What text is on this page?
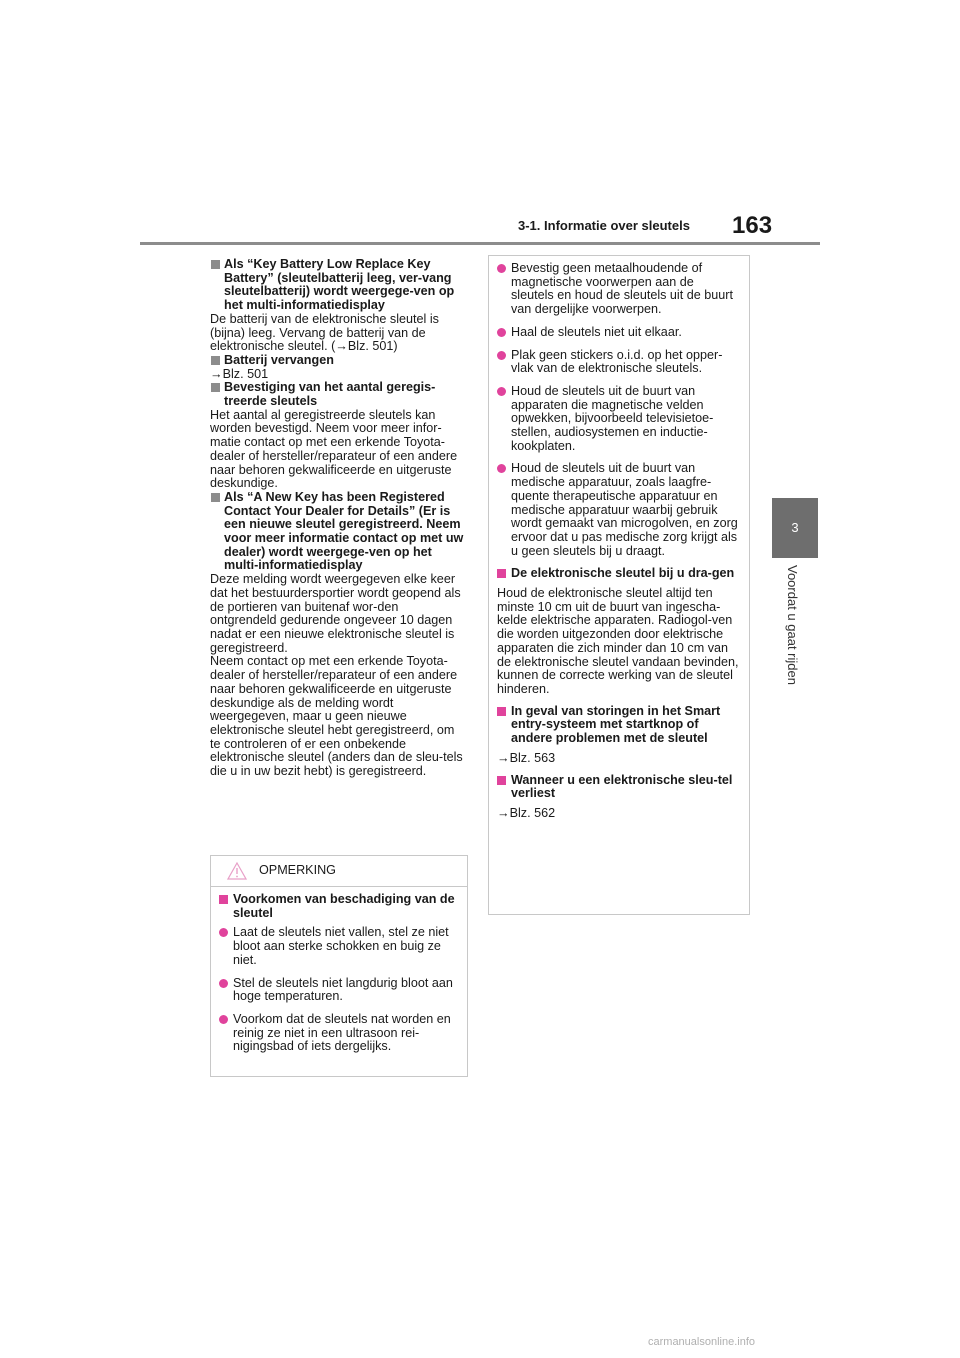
3-1. Informatie over sleutels 163
3
Voordat u gaat rijden

Als “Key Battery Low Replace Key Battery” (sleutelbatterij leeg, ver-vang sleutelbatterij) wordt weergege-ven op het multi-informatiedisplay

De batterij van de elektronische sleutel is (bijna) leeg. Vervang de batterij van de elektronische sleutel. (→Blz. 501)

Batterij vervangen

→Blz. 501

Bevestiging van het aantal geregis-treerde sleutels

Het aantal al geregistreerde sleutels kan worden bevestigd. Neem voor meer infor-matie contact op met een erkende Toyota-dealer of hersteller/reparateur of een andere naar behoren gekwalificeerde en uitgeruste deskundige.

Als “A New Key has been Registered Contact Your Dealer for Details” (Er is een nieuwe sleutel geregistreerd. Neem voor meer informatie contact op met uw dealer) wordt weergege-ven op het multi-informatiedisplay

Deze melding wordt weergegeven elke keer dat het bestuurdersportier wordt geopend als de portieren van buitenaf wor-den ontgrendeld gedurende ongeveer 10 dagen nadat er een nieuwe elektronische sleutel is geregistreerd.

Neem contact op met een erkende Toyota-dealer of hersteller/reparateur of een andere naar behoren gekwalificeerde en uitgeruste deskundige als de melding wordt weergegeven, maar u geen nieuwe elektronische sleutel hebt geregistreerd, om te controleren of er een onbekende elektronische sleutel (anders dan de sleu-tels die u in uw bezit hebt) is geregistreerd.

OPMERKING

Voorkomen van beschadiging van de sleutel

Laat de sleutels niet vallen, stel ze niet bloot aan sterke schokken en buig ze niet.

Stel de sleutels niet langdurig bloot aan hoge temperaturen.

Voorkom dat de sleutels nat worden en reinig ze niet in een ultrasoon rei-nigingsbad of iets dergelijks.

Bevestig geen metaalhoudende of magnetische voorwerpen aan de sleutels en houd de sleutels uit de buurt van dergelijke voorwerpen.

Haal de sleutels niet uit elkaar.

Plak geen stickers o.i.d. op het opper-vlak van de elektronische sleutels.

Houd de sleutels uit de buurt van apparaten die magnetische velden opwekken, bijvoorbeeld televisietoe-stellen, audiosystemen en inductie-kookplaten.

Houd de sleutels uit de buurt van medische apparatuur, zoals laagfre-quente therapeutische apparatuur en medische apparatuur waarbij gebruik wordt gemaakt van microgolven, en zorg ervoor dat u pas medische zorg krijgt als u geen sleutels bij u draagt.

De elektronische sleutel bij u dra-gen

Houd de elektronische sleutel altijd ten minste 10 cm uit de buurt van ingescha-kelde elektrische apparaten. Radiogol-ven die worden uitgezonden door elektrische apparaten die zich minder dan 10 cm van de elektronische sleutel vandaan bevinden, kunnen de correcte werking van de sleutel hinderen.

In geval van storingen in het Smart entry-systeem met startknop of andere problemen met de sleutel

→Blz. 563

Wanneer u een elektronische sleu-tel verliest

→Blz. 562

carmanualsonline.info
